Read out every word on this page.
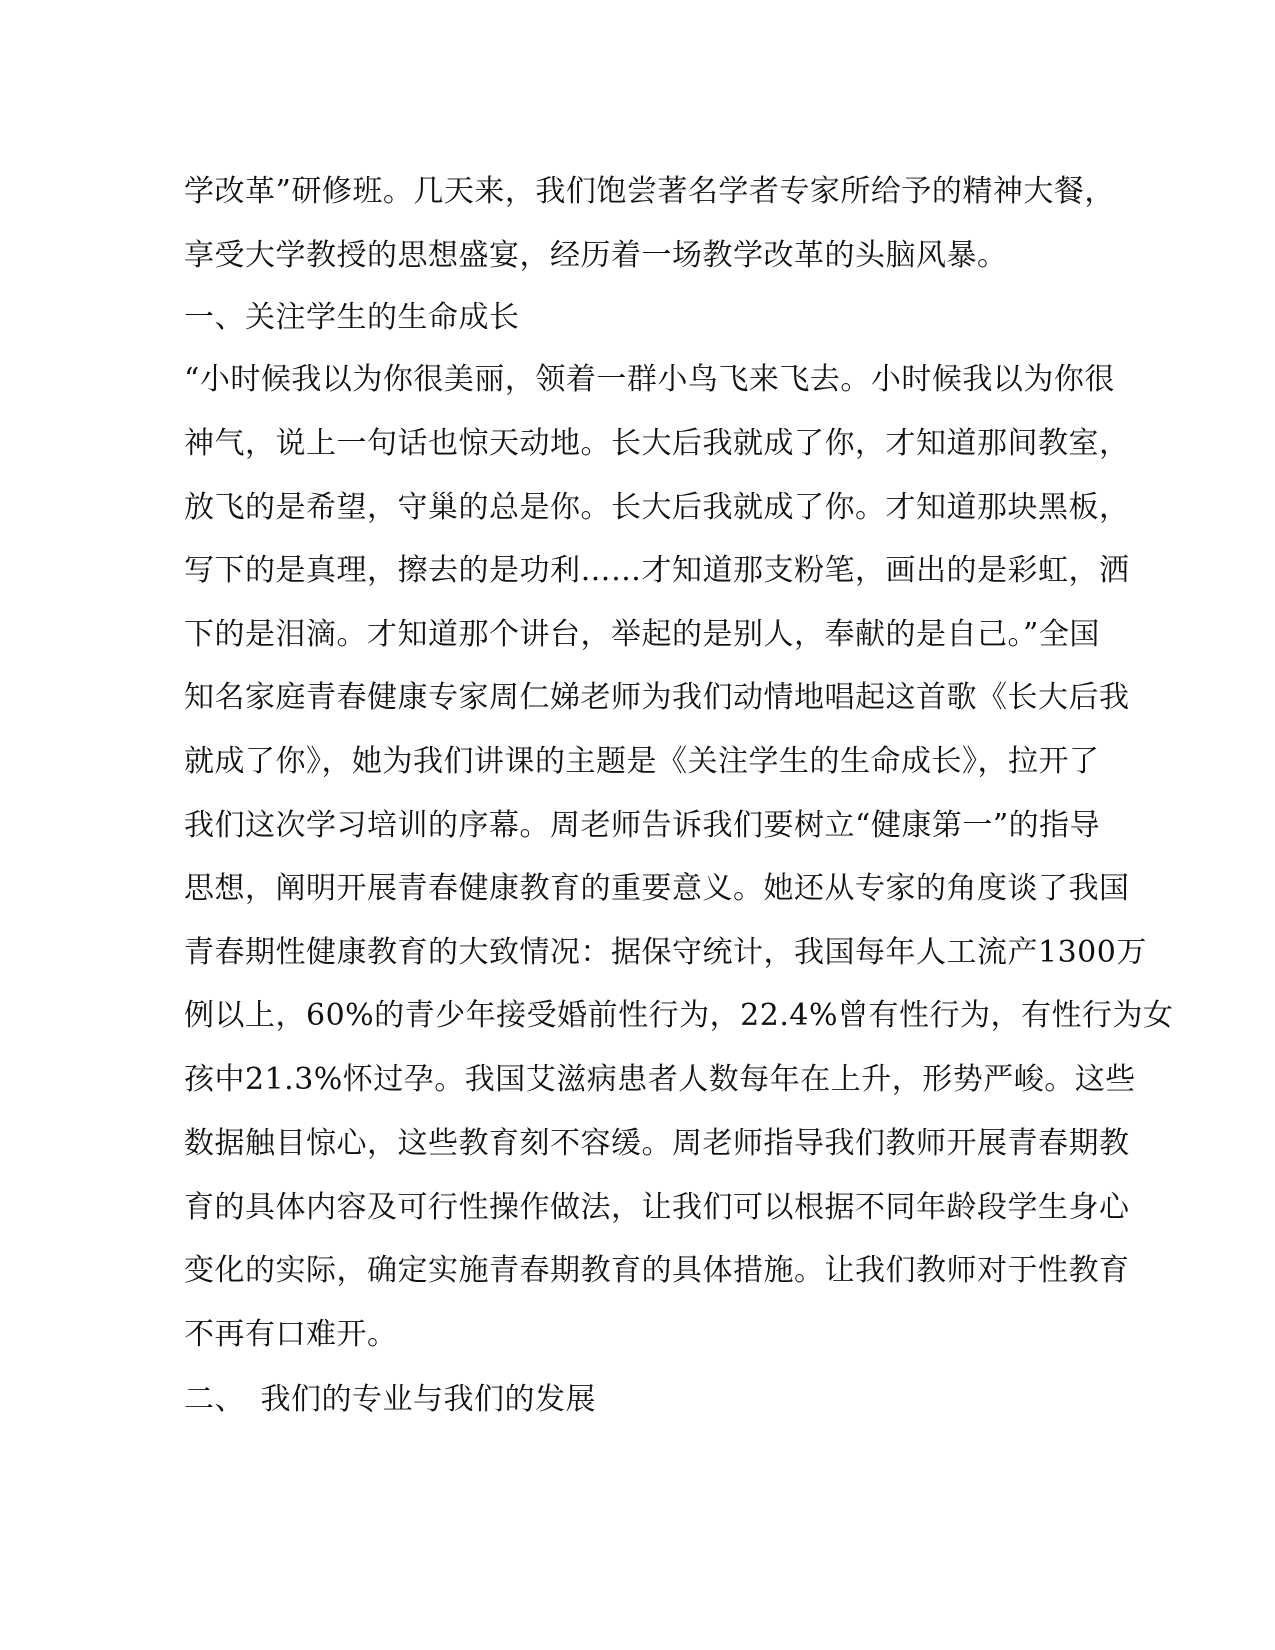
学改革”研修班。几天来，我们饱尝著名学者专家所给予的精神大餐，
享受大学教授的思想盛宴，经历着一场教学改革的头脑风暴。
一、关注学生的生命成长
“小时候我以为你很美丽，领着一群小鸟飞来飞去。小时候我以为你很
神气，说上一句话也惊天动地。长大后我就成了你，才知道那间教室，
放飞的是希望，守巢的总是你。长大后我就成了你。才知道那块黑板，
写下的是真理，擦去的是功利……才知道那支粉笔，画出的是彩虹，洒
下的是泪滴。才知道那个讲台，举起的是别人，奉献的是自己。”全国
知名家庭青春健康专家周仁娣老师为我们动情地唱起这首歌《长大后我
就成了你》，她为我们讲课的主题是《关注学生的生命成长》，拉开了
我们这次学习培训的序幕。周老师告诉我们要树立“健康第一”的指导
思想，阐明开展青春健康教育的重要意义。她还从专家的角度谈了我国
青春期性健康教育的大致情况：据保守统计，我国每年人工流产1300万
例以上，60%的青少年接受婚前性行为，22.4%曾有性行为，有性行为女
孩中21.3%怀过孕。我国艾滋病患者人数每年在上升，形势严峻。这些
数据触目惊心，这些教育刻不容缓。周老师指导我们教师开展青春期教
育的具体内容及可行性操作做法，让我们可以根据不同年龄段学生身心
变化的实际，确定实施青春期教育的具体措施。让我们教师对于性教育
不再有口难开。
二、　我们的专业与我们的发展
